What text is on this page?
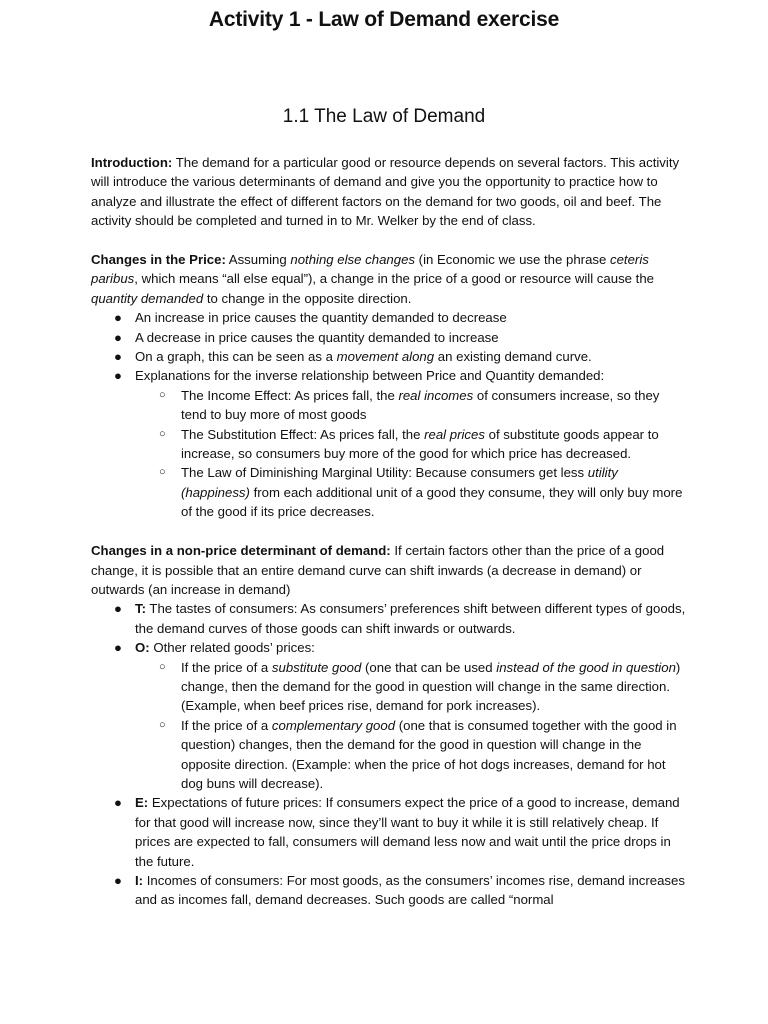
Activity 1 - Law of Demand exercise
1.1 The Law of Demand

Introduction: The demand for a particular good or resource depends on several factors. This activity will introduce the various determinants of demand and give you the opportunity to practice how to analyze and illustrate the effect of different factors on the demand for two goods, oil and beef. The activity should be completed and turned in to Mr. Welker by the end of class.

Changes in the Price: Assuming nothing else changes (in Economic we use the phrase ceteris paribus, which means “all else equal”), a change in the price of a good or resource will cause the quantity demanded to change in the opposite direction.

● An increase in price causes the quantity demanded to decrease
● A decrease in price causes the quantity demanded to increase
● On a graph, this can be seen as a movement along an existing demand curve.
● Explanations for the inverse relationship between Price and Quantity demanded:
○ The Income Effect: As prices fall, the real incomes of consumers increase, so they tend to buy more of most goods
○ The Substitution Effect: As prices fall, the real prices of substitute goods appear to increase, so consumers buy more of the good for which price has decreased.
○ The Law of Diminishing Marginal Utility: Because consumers get less utility (happiness) from each additional unit of a good they consume, they will only buy more of the good if its price decreases.

Changes in a non-price determinant of demand: If certain factors other than the price of a good change, it is possible that an entire demand curve can shift inwards (a decrease in demand) or outwards (an increase in demand)

● T: The tastes of consumers: As consumers’ preferences shift between different types of goods, the demand curves of those goods can shift inwards or outwards.
● O: Other related goods’ prices:
○ If the price of a substitute good (one that can be used instead of the good in question) change, then the demand for the good in question will change in the same direction. (Example, when beef prices rise, demand for pork increases).
○ If the price of a complementary good (one that is consumed together with the good in question) changes, then the demand for the good in question will change in the opposite direction. (Example: when the price of hot dogs increases, demand for hot dog buns will decrease).
● E: Expectations of future prices: If consumers expect the price of a good to increase, demand for that good will increase now, since they’ll want to buy it while it is still relatively cheap. If prices are expected to fall, consumers will demand less now and wait until the price drops in the future.
● I: Incomes of consumers: For most goods, as the consumers’ incomes rise, demand increases and as incomes fall, demand decreases. Such goods are called “normal
